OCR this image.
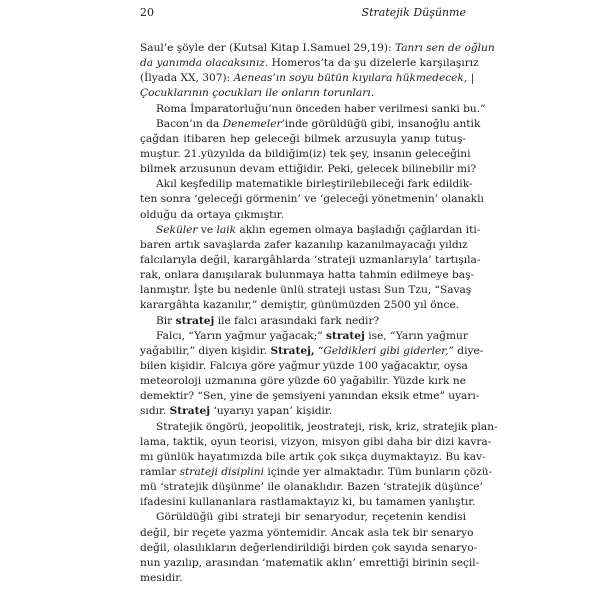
20	Stratejik Düşünme

Saul’e şöyle der (Kutsal Kitap I.Samuel 29,19): Tanrı sen de oğlun
da yanımda olacaksınız. Homeros’ta da şu dizelerle karşılaşırız
(İlyada XX, 307): Aeneas’ın soyu bütün kıyılara hükmedecek, |
Çocuklarının çocukları ile onların torunları.

Roma İmparatorluğu’nun önceden haber verilmesi sanki bu.”

Bacon’ın da Denemeler’inde görüldüğü gibi, insanoğlu antik
çağdan itibaren hep geleceği bilmek arzusuyla yanıp tutuş-
muştur. 21.yüzyılda da bildiğim(iz) tek şey, insanın geleceğini
bilmek arzusunun devam ettiğidir. Peki, gelecek bilinebilir mi?

Akıl keşfedilip matematikle birleştirilebileceği fark edildik-
ten sonra ‘geleceği görmenin’ ve ‘geleceği yönetmenin’ olanaklı
olduğu da ortaya çıkmıştır.

Seküler ve laik aklın egemen olmaya başladığı çağlardan iti-
baren artık savaşlarda zafer kazanılıp kazanılmayacağı yıldız
falcılarıyla değil, karargâhlarda ‘strateji uzmanlarıyla’ tartışıla-
rak, onlara danışılarak bulunmaya hatta tahmin edilmeye baş-
lanmıştır. İşte bu nedenle ünlü strateji ustası Sun Tzu, “Savaş
karargâhta kazanılır,” demiştir, günümüzden 2500 yıl önce.

Bir stratej ile falcı arasındaki fark nedir?

Falcı, “Yarın yağmur yağacak;” stratej ise, “Yarın yağmur
yağabilir,” diyen kişidir. Stratej, “Geldikleri gibi giderler,” diye-
bilen kişidir. Falcıya göre yağmur yüzde 100 yağacaktır, oysa
meteoroloji uzmanına göre yüzde 60 yağabilir. Yüzde kırk ne
demektir? “Sen, yine de şemsiyeni yanından eksik etme” uyarı-
sıdır. Stratej ‘uyarıyı yapan’ kişidir.

Stratejik öngörü, jeopolitik, jeostrateji, risk, kriz, stratejik plan-
lama, taktik, oyun teorisi, vizyon, misyon gibi daha bir dizi kavra-
mı günlük hayatımızda bile artık çok sıkça duymaktayız. Bu kav-
ramlar strateji disiplini içinde yer almaktadır. Tüm bunların çözü-
mü ‘stratejik düşünme’ ile olanaklıdır. Bazen ‘stratejik düşünce’
ifadesini kullananlara rastlamaktayız ki, bu tamamen yanlıştır.

Görüldüğü gibi strateji bir senaryodur, reçetenin kendisi
değil, bir reçete yazma yöntemidir. Ancak asla tek bir senaryo
değil, olasılıkların değerlendirildiği birden çok sayıda senaryo-
nun yazılıp, arasından ‘matematik aklın’ emrettiği birinin seçil-
mesidir.
